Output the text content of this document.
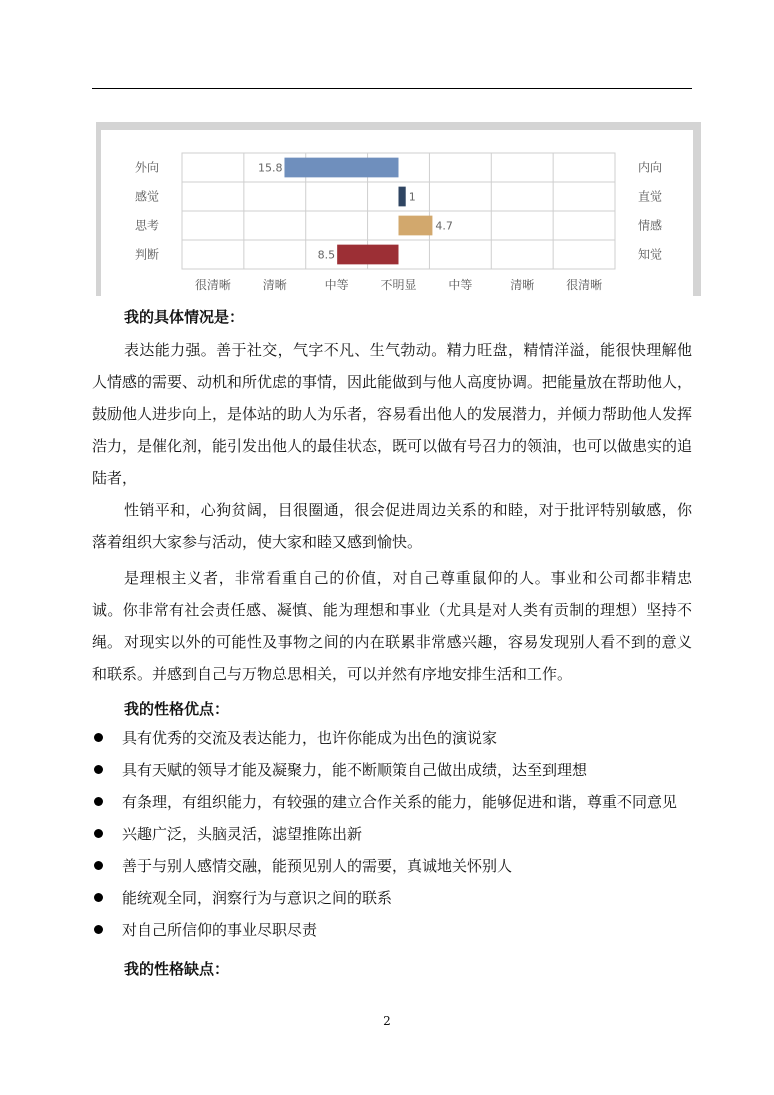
外向	内向
15.8
感觉	直觉
1
思考	情感
4.7
判断	知觉
8.5
很清晰	清晰	中等	不明显	中等	清晰	很清晰
我的具体情况是：

表达能力强。善于社交，气字不凡、生气勃动。精力旺盘，精情洋溢，能很快理解他人情感的需要、动机和所优虑的事情，因此能做到与他人高度协调。把能量放在帮助他人，鼓励他人进步向上，是体站的助人为乐者，容易看出他人的发展潜力，并倾力帮助他人发挥浩力，是催化剂，能引发出他人的最佳状态，既可以做有号召力的领油，也可以做患实的追陆者，

性销平和，心狗贫阔，目很圈通，很会促进周边关系的和睦，对于批评特别敏感，你落着组织大家参与活动，使大家和睦又感到愉快。

是理根主义者，非常看重自己的价值，对自己尊重鼠仰的人。事业和公司都非精忠诚。你非常有社会责任感、凝慎、能为理想和事业（尤具是对人类有贡制的理想）坚持不绳。 对现实以外的可能性及事物之间的内在联累非常感兴趣，容易发现别人看不到的意义和联系。并感到自己与万物总思相关，可以并然有序地安排生活和工作。

我的性格优点：
具有优秀的交流及表达能力，也许你能成为出色的演说家
具有天赋的领导才能及凝聚力，能不断顺策自己做出成绩，达至到理想
有条理，有组织能力，有较强的建立合作关系的能力，能够促进和谐，尊重不同意见
兴趣广泛，头脑灵活，滤望推陈出新
善于与别人感情交融，能预见别人的需要，真诚地关怀别人
能统观全同，润察行为与意识之间的联系
对自己所信仰的事业尽职尽责
我的性格缺点：
2
